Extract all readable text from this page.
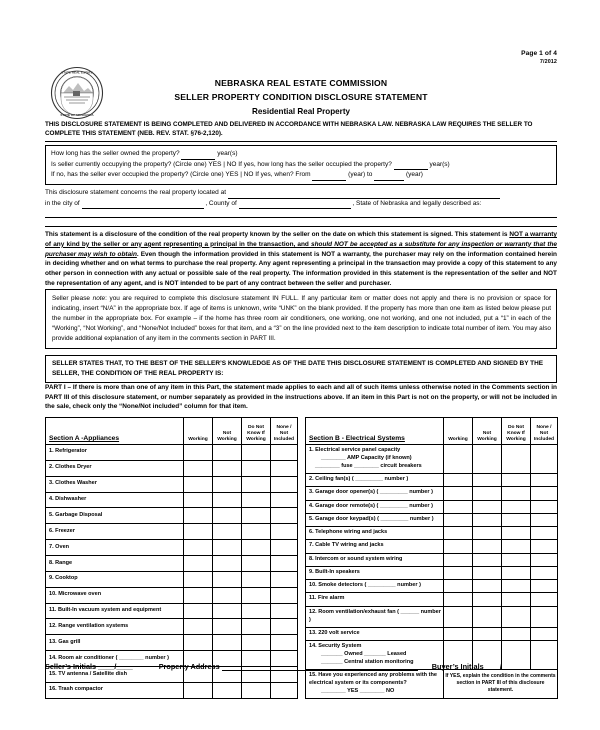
Page 1 of 4
7/2012
STATE REAL ESTATE
STATE OF NEBRASKA
NEBRASKA REAL ESTATE COMMISSION
SELLER PROPERTY CONDITION DISCLOSURE STATEMENT
Residential Real Property
THIS DISCLOSURE STATEMENT IS BEING COMPLETED AND DELIVERED IN ACCORDANCE WITH NEBRASKA LAW. NEBRASKA LAW REQUIRES THE SELLER TO COMPLETE THIS STATEMENT (NEB. REV. STAT. §76-2,120).
How long has the seller owned the property?	year(s)
Is seller currently occupying the property? (Circle one) YES | NO If yes, how long has the seller occupied the property?	year(s)
If no, has the seller ever occupied the property? (Circle one) YES | NO If yes, when? From	(year) to	(year)
This disclosure statement concerns the real property located at
in the city of	, County of	, State of Nebraska and legally described as:
This statement is a disclosure of the condition of the real property known by the seller on the date on which this statement is signed. This statement is NOT a warranty of any kind by the seller or any agent representing a principal in the transaction, and should NOT be accepted as a substitute for any inspection or warranty that the purchaser may wish to obtain. Even though the information provided in this statement is NOT a warranty, the purchaser may rely on the information contained herein in deciding whether and on what terms to purchase the real property. Any agent representing a principal in the transaction may provide a copy of this statement to any other person in connection with any actual or possible sale of the real property. The information provided in this statement is the representation of the seller and NOT the representation of any agent, and is NOT intended to be part of any contract between the seller and purchaser.
Seller please note: you are required to complete this disclosure statement IN FULL. If any particular item or matter does not apply and there is no provision or space for indicating, insert “N/A” in the appropriate box. If age of items is unknown, write “UNK” on the blank provided. If the property has more than one item as listed below please put the number in the appropriate box. For example – if the home has three room air conditioners, one working, one not working, and one not included, put a “1” in each of the “Working”, “Not Working”, and “None/Not Included” boxes for that item, and a “3” on the line provided next to the item description to indicate total number of item. You may also provide additional explanation of any item in the comments section in PART III.
SELLER STATES THAT, TO THE BEST OF THE SELLER’S KNOWLEDGE AS OF THE DATE THIS DISCLOSURE STATEMENT IS COMPLETED AND SIGNED BY THE SELLER, THE CONDITION OF THE REAL PROPERTY IS:
PART I – If there is more than one of any item in this Part, the statement made applies to each and all of such items unless otherwise noted in the Comments section in PART III of this disclosure statement, or number separately as provided in the instructions above. If an item in this Part is not on the property, or will not be included in the sale, check only the “None/Not included” column for that item.
Section A -Appliances	Working	Not
Working	Do Not
Know If
Working	None /
Not
Included
1. Refrigerator				
2. Clothes Dryer				
3. Clothes Washer				
4. Dishwasher				
5. Garbage Disposal				
6. Freezer				
7. Oven				
8. Range				
9. Cooktop				
10. Microwave oven				
11. Built-In vacuum system and equipment				
12. Range ventilation systems				
13. Gas grill				
14. Room air conditioner ( ________ number )				
15. TV antenna / Satellite dish				
16. Trash compactor				
Section B - Electrical Systems	Working	Not
Working	Do Not
Know If
Working	None /
Not
Included
1. Electrical service panel capacity
________ AMP Capacity (if known)
________ fuse ________ circuit breakers				
2. Ceiling fan(s) ( _________ number )				
3. Garage door opener(s) ( _________ number )				
4. Garage door remote(s) ( _________ number )				
5. Garage door keypad(s) ( _________ number )				
6. Telephone wiring and jacks				
7. Cable TV wiring and jacks				
8. Intercom or sound system wiring				
9. Built-In speakers				
10. Smoke detectors ( _________ number )				
11. Fire alarm				
12. Room ventilation/exhaust fan ( ______ number )				
13. 220 volt service				
14. Security System
_______ Owned _______ Leased
_______ Central station monitoring				
15. Have you experienced any problems with the electrical system or its components?
________ YES ________ NO	If YES, explain the condition in the comments section in PART III of this disclosure statement.			
Seller’s Initials ____/____	Property Address	Buyer’s Initials____/____
